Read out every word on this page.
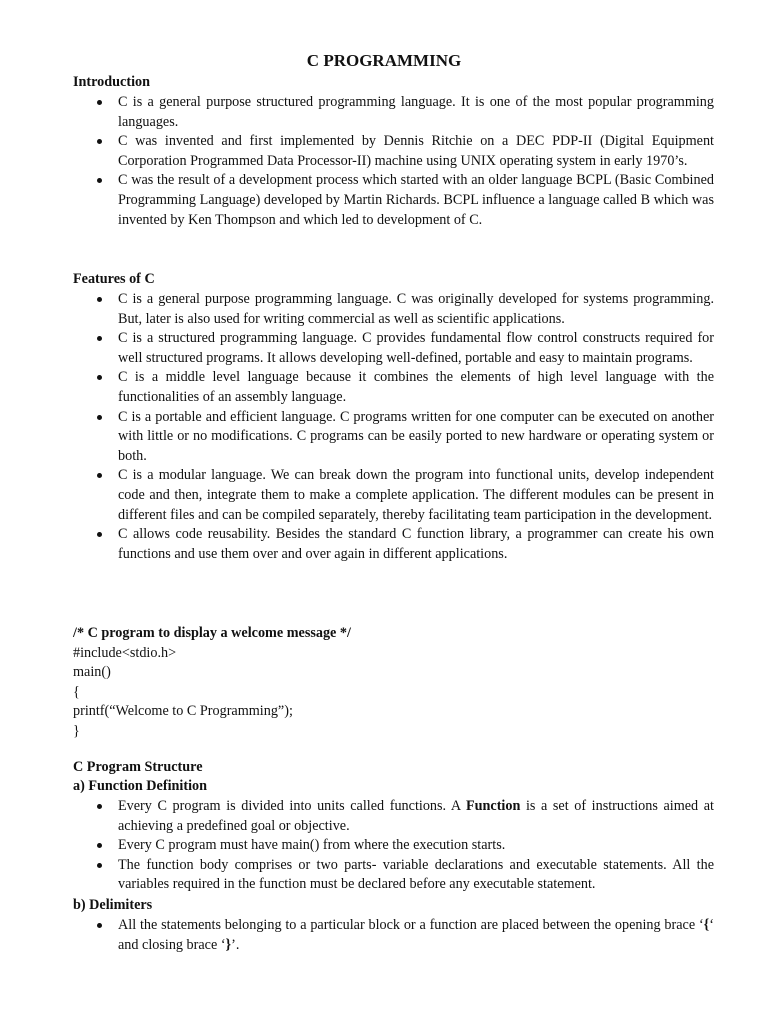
C PROGRAMMING
Introduction
C is a general purpose structured programming language. It is one of the most popular programming languages.
C was invented and first implemented by Dennis Ritchie on a DEC PDP-II (Digital Equipment Corporation Programmed Data Processor-II) machine using UNIX operating system in early 1970’s.
C was the result of a development process which started with an older language BCPL (Basic Combined Programming Language) developed by Martin Richards. BCPL influence a language called B which was invented by Ken Thompson and which led to development of C.
Features of C
C is a general purpose programming language. C was originally developed for systems programming. But, later is also used for writing commercial as well as scientific applications.
C is a structured programming language. C provides fundamental flow control constructs required for well structured programs. It allows developing well-defined, portable and easy to maintain programs.
C is a middle level language because it combines the elements of high level language with the functionalities of an assembly language.
C is a portable and efficient language. C programs written for one computer can be executed on another with little or no modifications. C programs can be easily ported to new hardware or operating system or both.
C is a modular language. We can break down the program into functional units, develop independent code and then, integrate them to make a complete application. The different modules can be present in different files and can be compiled separately, thereby facilitating team participation in the development.
C allows code reusability. Besides the standard C function library, a programmer can create his own functions and use them over and over again in different applications.
/* C program to display a welcome message */
#include<stdio.h>
main()
{
printf(“Welcome to C Programming”);
}
C Program Structure
a) Function Definition
Every C program is divided into units called functions. A Function is a set of instructions aimed at achieving a predefined goal or objective.
Every C program must have main() from where the execution starts.
The function body comprises or two parts- variable declarations and executable statements. All the variables required in the function must be declared before any executable statement.
b) Delimiters
All the statements belonging to a particular block or a function are placed between the opening brace ‘{‘ and closing brace ‘}’.
